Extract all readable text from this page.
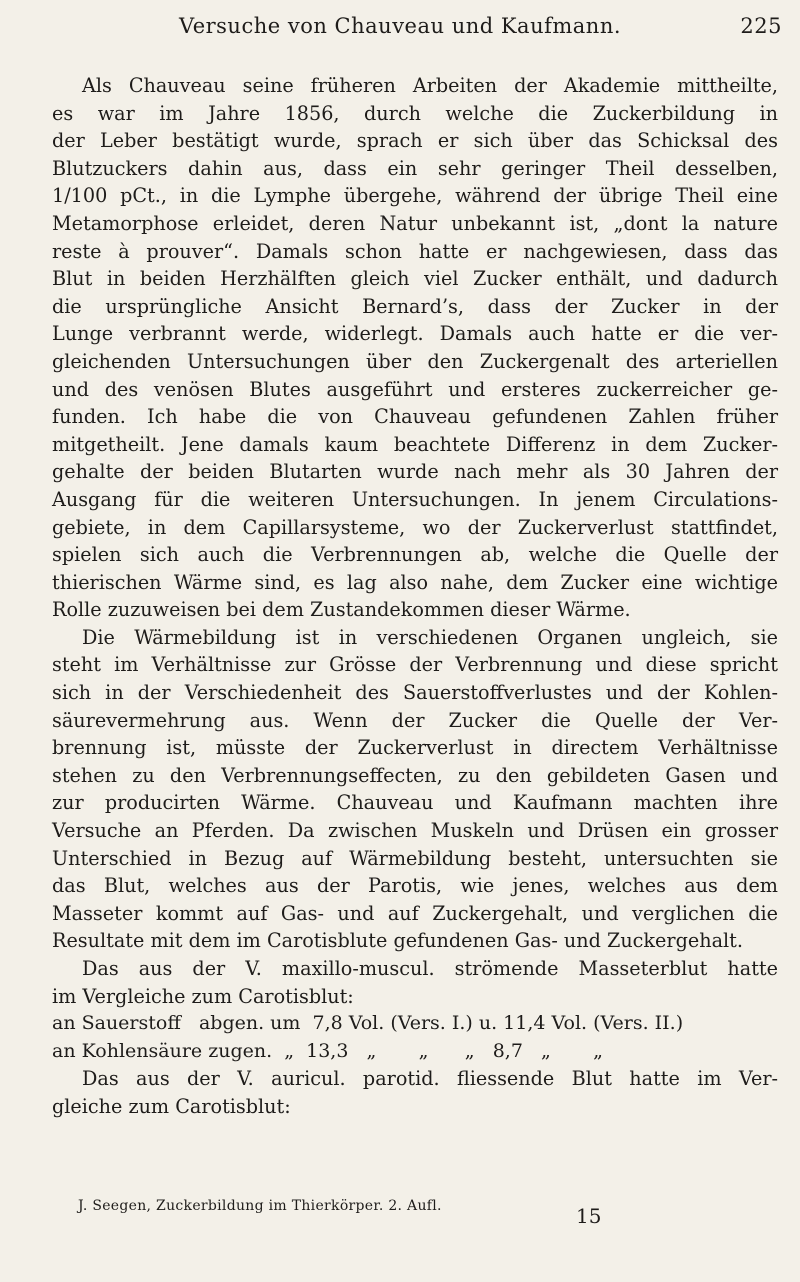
Versuche von Chauveau und Kaufmann.	225
Als Chauveau seine früheren Arbeiten der Akademie mittheilte,
es war im Jahre 1856, durch welche die Zuckerbildung in
der Leber bestätigt wurde, sprach er sich über das Schicksal des
Blutzuckers dahin aus, dass ein sehr geringer Theil desselben,
1/100 pCt., in die Lymphe übergehe, während der übrige Theil eine
Metamorphose erleidet, deren Natur unbekannt ist, „dont la nature
reste à prouver“. Damals schon hatte er nachgewiesen, dass das
Blut in beiden Herzhälften gleich viel Zucker enthält, und dadurch
die ursprüngliche Ansicht Bernard’s, dass der Zucker in der
Lunge verbrannt werde, widerlegt. Damals auch hatte er die ver-
gleichenden Untersuchungen über den Zuckergenalt des arteriellen
und des venösen Blutes ausgeführt und ersteres zuckerreicher ge-
funden. Ich habe die von Chauveau gefundenen Zahlen früher
mitgetheilt. Jene damals kaum beachtete Differenz in dem Zucker-
gehalte der beiden Blutarten wurde nach mehr als 30 Jahren der
Ausgang für die weiteren Untersuchungen. In jenem Circulations-
gebiete, in dem Capillarsysteme, wo der Zuckerverlust stattfindet,
spielen sich auch die Verbrennungen ab, welche die Quelle der
thierischen Wärme sind, es lag also nahe, dem Zucker eine wichtige
Rolle zuzuweisen bei dem Zustandekommen dieser Wärme.
Die Wärmebildung ist in verschiedenen Organen ungleich, sie
steht im Verhältnisse zur Grösse der Verbrennung und diese spricht
sich in der Verschiedenheit des Sauerstoffverlustes und der Kohlen-
säurevermehrung aus. Wenn der Zucker die Quelle der Ver-
brennung ist, müsste der Zuckerverlust in directem Verhältnisse
stehen zu den Verbrennungseffecten, zu den gebildeten Gasen und
zur producirten Wärme. Chauveau und Kaufmann machten ihre
Versuche an Pferden. Da zwischen Muskeln und Drüsen ein grosser
Unterschied in Bezug auf Wärmebildung besteht, untersuchten sie
das Blut, welches aus der Parotis, wie jenes, welches aus dem
Masseter kommt auf Gas- und auf Zuckergehalt, und verglichen die
Resultate mit dem im Carotisblute gefundenen Gas- und Zuckergehalt.
Das aus der V. maxillo-muscul. strömende Masseterblut hatte
im Vergleiche zum Carotisblut:
an Sauerstoff   abgen. um  7,8 Vol. (Vers. I.) u. 11,4 Vol. (Vers. II.)
an Kohlensäure zugen.  „  13,3   „       „      „   8,7   „       „
Das aus der V. auricul. parotid. fliessende Blut hatte im Ver-
gleiche zum Carotisblut:
J. Seegen, Zuckerbildung im Thierkörper. 2. Aufl.	15
